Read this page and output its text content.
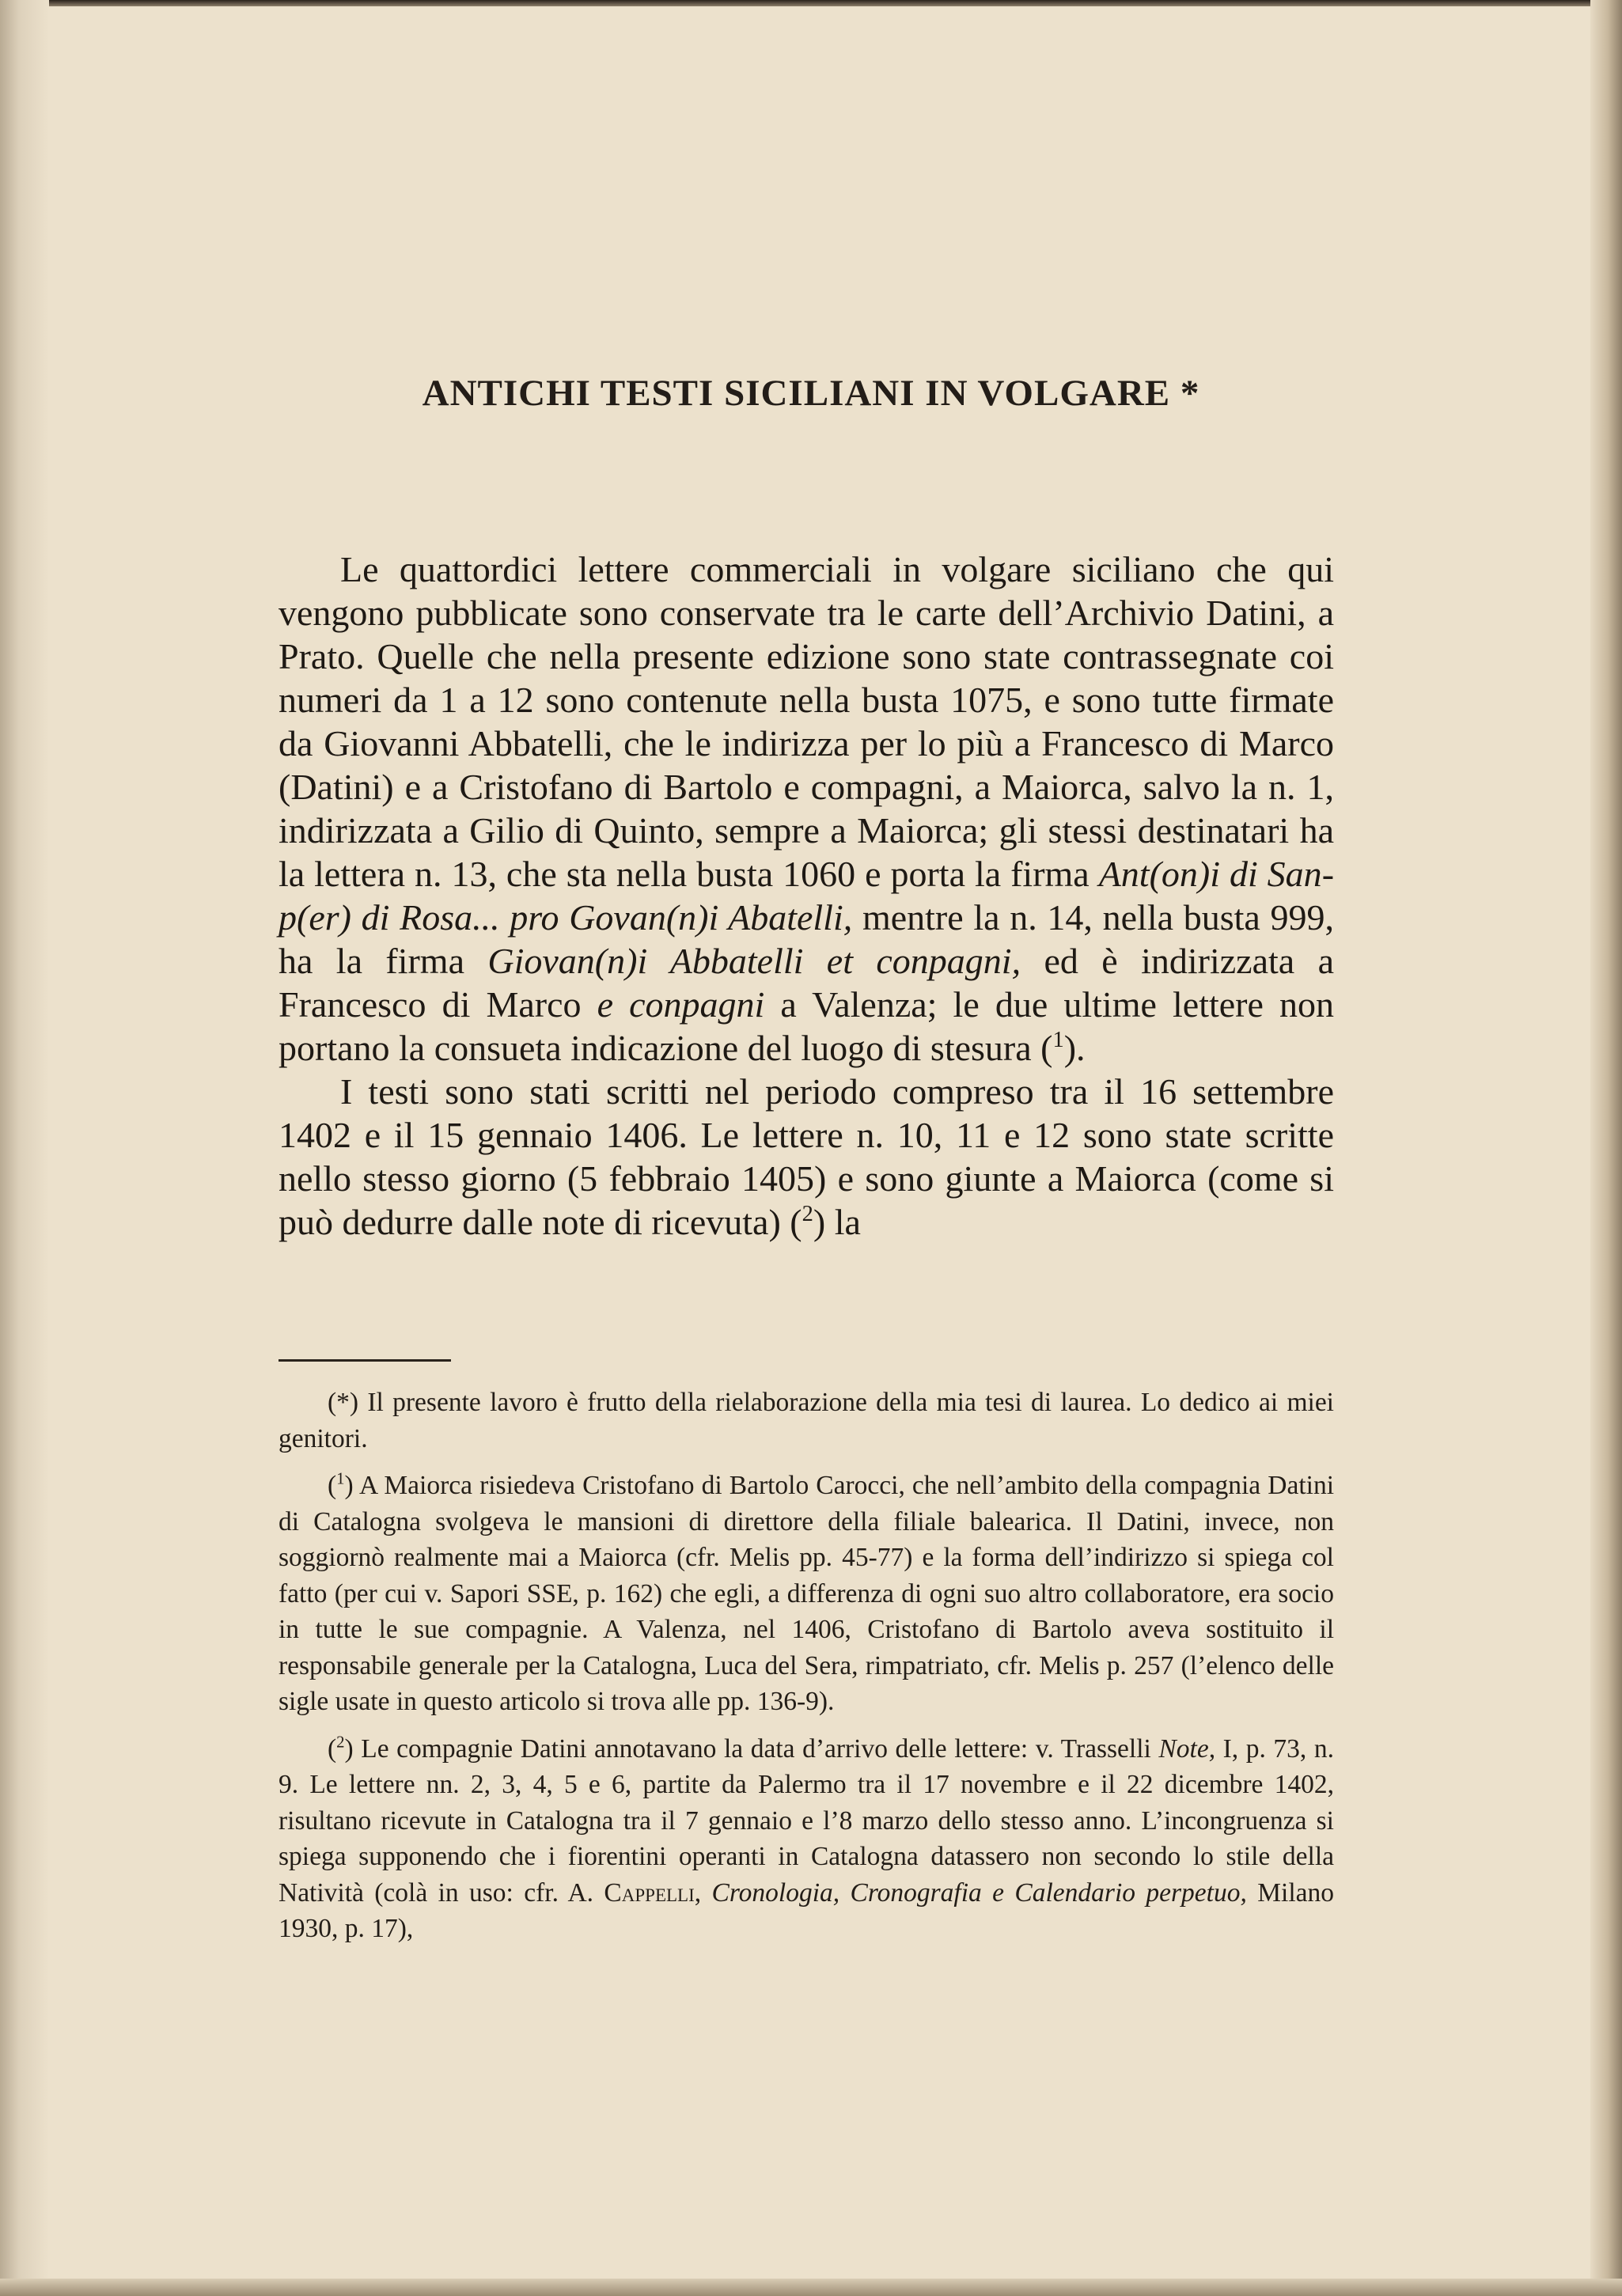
ANTICHI TESTI SICILIANI IN VOLGARE *

Le quattordici lettere commerciali in volgare siciliano che qui vengono pubblicate sono conservate tra le carte dell’Archivio Datini, a Prato. Quelle che nella presente edizione sono state contrassegnate coi numeri da 1 a 12 sono contenute nella busta 1075, e sono tutte firmate da Giovanni Abbatelli, che le indirizza per lo più a Francesco di Marco (Datini) e a Cristofano di Bartolo e compagni, a Maiorca, salvo la n. 1, indirizzata a Gilio di Quinto, sempre a Maiorca; gli stessi destinatari ha la lettera n. 13, che sta nella busta 1060 e porta la firma Ant(on)i di Sanp(er) di Rosa... pro Govan(n)i Abatelli, mentre la n. 14, nella busta 999, ha la firma Giovan(n)i Abbatelli et conpagni, ed è indirizzata a Francesco di Marco e conpagni a Valenza; le due ultime lettere non portano la consueta indicazione del luogo di stesura ($^1$).

I testi sono stati scritti nel periodo compreso tra il 16 settembre 1402 e il 15 gennaio 1406. Le lettere n. 10, 11 e 12 sono state scritte nello stesso giorno (5 febbraio 1405) e sono giunte a Maiorca (come si può dedurre dalle note di ricevuta) ($^2$) la

(*) Il presente lavoro è frutto della rielaborazione della mia tesi di laurea. Lo dedico ai miei genitori.

($^1$) A Maiorca risiedeva Cristofano di Bartolo Carocci, che nell’ambito della compagnia Datini di Catalogna svolgeva le mansioni di direttore della filiale balearica. Il Datini, invece, non soggiornò realmente mai a Maiorca (cfr. Melis pp. 45-77) e la forma dell’indirizzo si spiega col fatto (per cui v. Sapori SSE, p. 162) che egli, a differenza di ogni suo altro collaboratore, era socio in tutte le sue compagnie. A Valenza, nel 1406, Cristofano di Bartolo aveva sostituito il responsabile generale per la Catalogna, Luca del Sera, rimpatriato, cfr. Melis p. 257 (l’elenco delle sigle usate in questo articolo si trova alle pp. 136-9).

($^2$) Le compagnie Datini annotavano la data d’arrivo delle lettere: v. Trasselli Note, I, p. 73, n. 9. Le lettere nn. 2, 3, 4, 5 e 6, partite da Palermo tra il 17 novembre e il 22 dicembre 1402, risultano ricevute in Catalogna tra il 7 gennaio e l’8 marzo dello stesso anno. L’incongruenza si spiega supponendo che i fiorentini operanti in Catalogna datassero non secondo lo stile della Natività (colà in uso: cfr. A. Cappelli, Cronologia, Cronografia e Calendario perpetuo, Milano 1930, p. 17),
